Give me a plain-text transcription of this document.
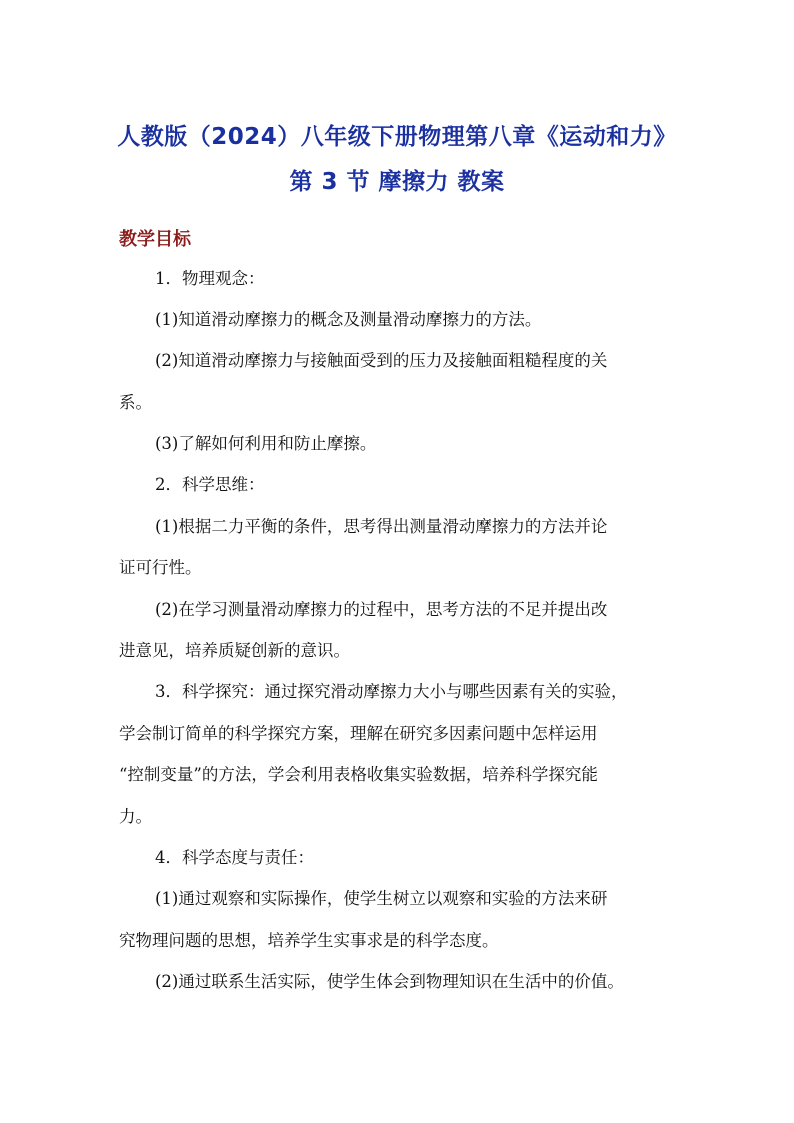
人教版（2024）八年级下册物理第八章《运动和力》
第 3 节 摩擦力 教案
教学目标
1．物理观念：
(1)知道滑动摩擦力的概念及测量滑动摩擦力的方法。
(2)知道滑动摩擦力与接触面受到的压力及接触面粗糙程度的关
系。
(3)了解如何利用和防止摩擦。
2．科学思维：
(1)根据二力平衡的条件，思考得出测量滑动摩擦力的方法并论
证可行性。
(2)在学习测量滑动摩擦力的过程中，思考方法的不足并提出改
进意见，培养质疑创新的意识。
3．科学探究：通过探究滑动摩擦力大小与哪些因素有关的实验，
学会制订简单的科学探究方案，理解在研究多因素问题中怎样运用
“控制变量”的方法，学会利用表格收集实验数据，培养科学探究能
力。
4．科学态度与责任：
(1)通过观察和实际操作，使学生树立以观察和实验的方法来研
究物理问题的思想，培养学生实事求是的科学态度。
(2)通过联系生活实际，使学生体会到物理知识在生活中的价值。
